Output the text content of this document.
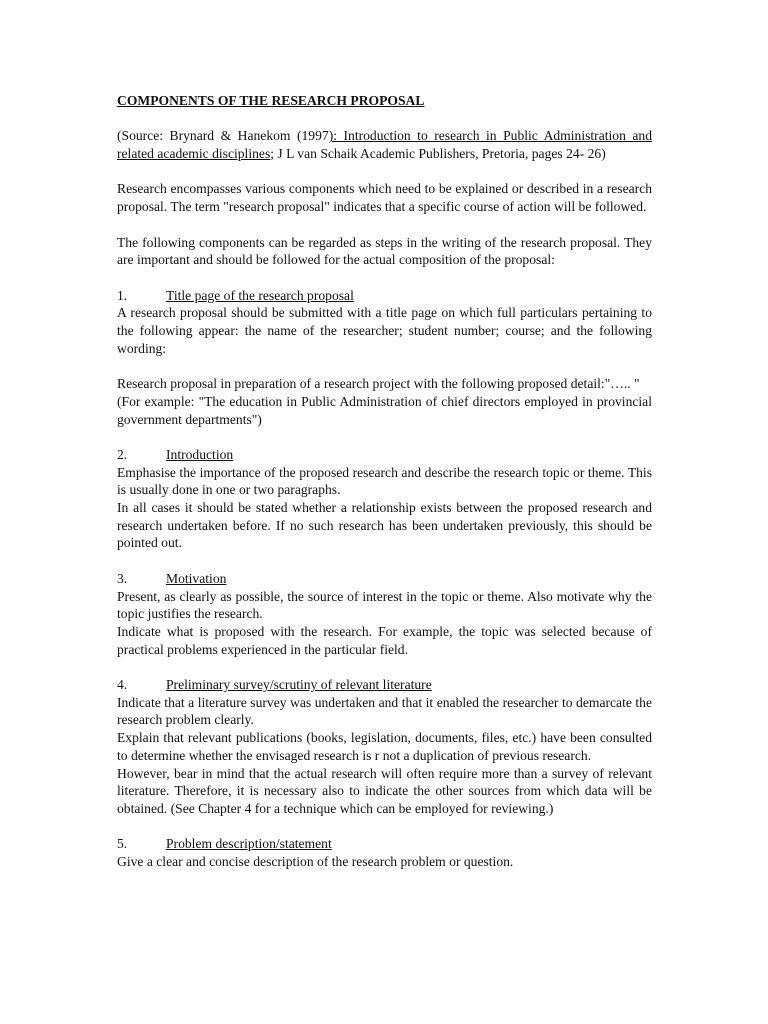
COMPONENTS OF THE RESEARCH PROPOSAL

(Source: Brynard & Hanekom (1997): Introduction to research in Public Administration and related academic disciplines; J L van Schaik Academic Publishers, Pretoria, pages 24- 26)

Research encompasses various components which need to be explained or described in a research proposal. The term "research proposal" indicates that a specific course of action will be followed.

The following components can be regarded as steps in the writing of the research proposal. They are important and should be followed for the actual composition of the proposal:

1.	Title page of the research proposal

A research proposal should be submitted with a title page on which full particulars pertaining to the following appear: the name of the researcher; student number; course; and the following wording:

Research proposal in preparation of a research project with the following proposed detail:"….. "

(For example: "The education in Public Administration of chief directors employed in provincial government departments")

2.	Introduction

Emphasise the importance of the proposed research and describe the research topic or theme. This is usually done in one or two paragraphs.

In all cases it should be stated whether a relationship exists between the proposed research and research undertaken before. If no such research has been undertaken previously, this should be pointed out.

3.	Motivation

Present, as clearly as possible, the source of interest in the topic or theme. Also motivate why the topic justifies the research.

Indicate what is proposed with the research. For example, the topic was selected because of practical problems experienced in the particular field.

4.	Preliminary survey/scrutiny of relevant literature

Indicate that a literature survey was undertaken and that it enabled the researcher to demarcate the research problem clearly.

Explain that relevant publications (books, legislation, documents, files, etc.) have been consulted to determine whether the envisaged research is r not a duplication of previous research.

However, bear in mind that the actual research will often require more than a survey of relevant literature. Therefore, it is necessary also to indicate the other sources from which data will be obtained. (See Chapter 4 for a technique which can be employed for reviewing.)

5.	Problem description/statement

Give a clear and concise description of the research problem or question.
